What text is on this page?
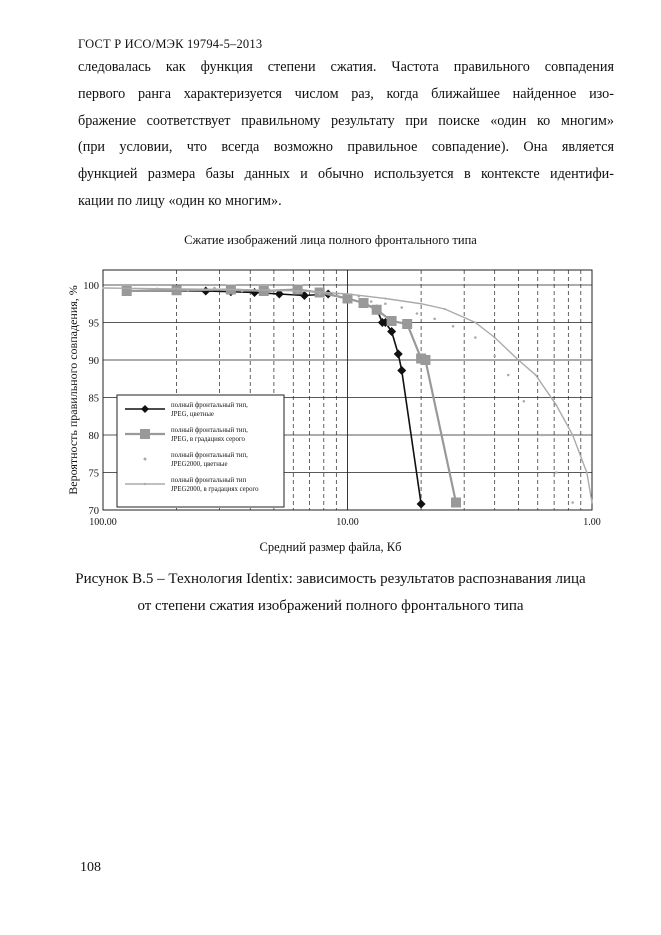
ГОСТ Р ИСО/МЭК 19794-5–2013
следовалась как функция степени сжатия. Частота правильного совпадения
первого ранга характеризуется числом раз, когда ближайшее найденное изо-
бражение соответствует правильному результату при поиске «один ко многим»
(при условии, что всегда возможно правильное совпадение). Она является
функцией размера базы данных и обычно используется в контексте идентифи-
кации по лицу «один ко многим».
Сжатие изображений лица полного фронтального типа
70
75
80
85
90
95
100
100.00	10.00	1.00
Вероятность правильного совпадения, %	полный фронтальный тип,
JPEG, цветные
полный фронтальный тип,
JPEG, в градациях серого
полный фронтальный тип,
JPEG2000, цветные
полный фронтальный тип
JPEG2000, в градациях серого
Средний размер файла, Кб
Рисунок В.5 – Технология Identix: зависимость результатов распознавания лица
от степени сжатия изображений полного фронтального типа
108
